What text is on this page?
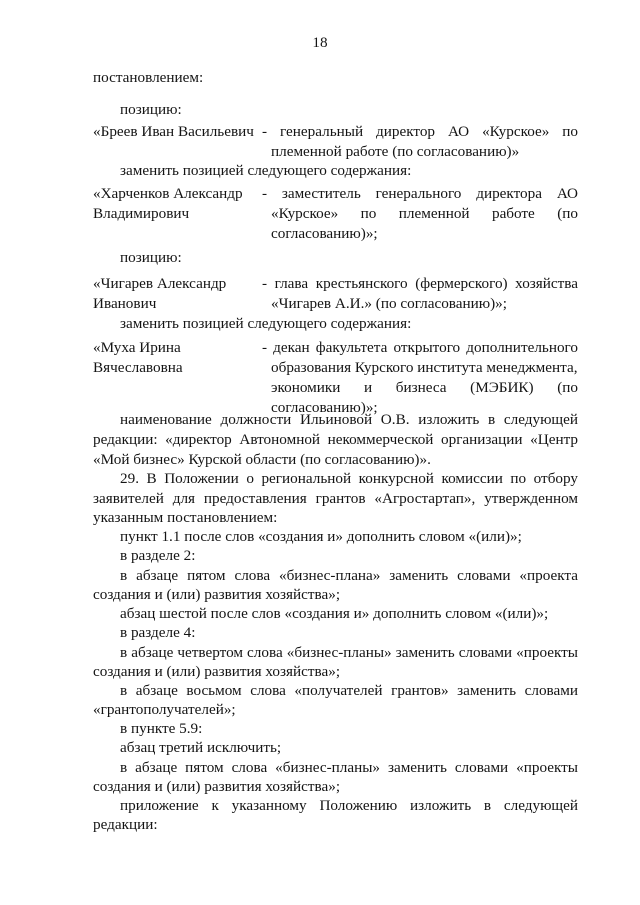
18
постановлением:
позицию:
«Бреев Иван Васильевич - генеральный директор АО «Курское» по
племенной работе (по согласованию)»
заменить позицией следующего содержания:
«Харченков Александр
Владимирович
- заместитель генерального директора АО
«Курское» по племенной работе (по
согласованию)»;
позицию:
«Чигарев Александр
Иванович
- глава крестьянского (фермерского) хозяйства
«Чигарев А.И.» (по согласованию)»;
заменить позицией следующего содержания:
«Муха Ирина
Вячеславовна
- декан факультета открытого дополнительного
образования Курского института менеджмента,
экономики и бизнеса (МЭБИК) (по
согласованию)»;
наименование должности Ильиновой О.В. изложить в следующей
редакции: «директор Автономной некоммерческой организации «Центр
«Мой бизнес» Курской области (по согласованию)».
29. В Положении о региональной конкурсной комиссии по отбору
заявителей для предоставления грантов «Агростартап», утвержденном
указанным постановлением:
пункт 1.1 после слов «создания и» дополнить словом «(или)»;
в разделе 2:
в абзаце пятом слова «бизнес-плана» заменить словами «проекта
создания и (или) развития хозяйства»;
абзац шестой после слов «создания и» дополнить словом «(или)»;
в разделе 4:
в абзаце четвертом слова «бизнес-планы» заменить словами «проекты
создания и (или) развития хозяйства»;
в абзаце восьмом слова «получателей грантов» заменить словами
«грантополучателей»;
в пункте 5.9:
абзац третий исключить;
в абзаце пятом слова «бизнес-планы» заменить словами «проекты
создания и (или) развития хозяйства»;
приложение к указанному Положению изложить в следующей
редакции:
